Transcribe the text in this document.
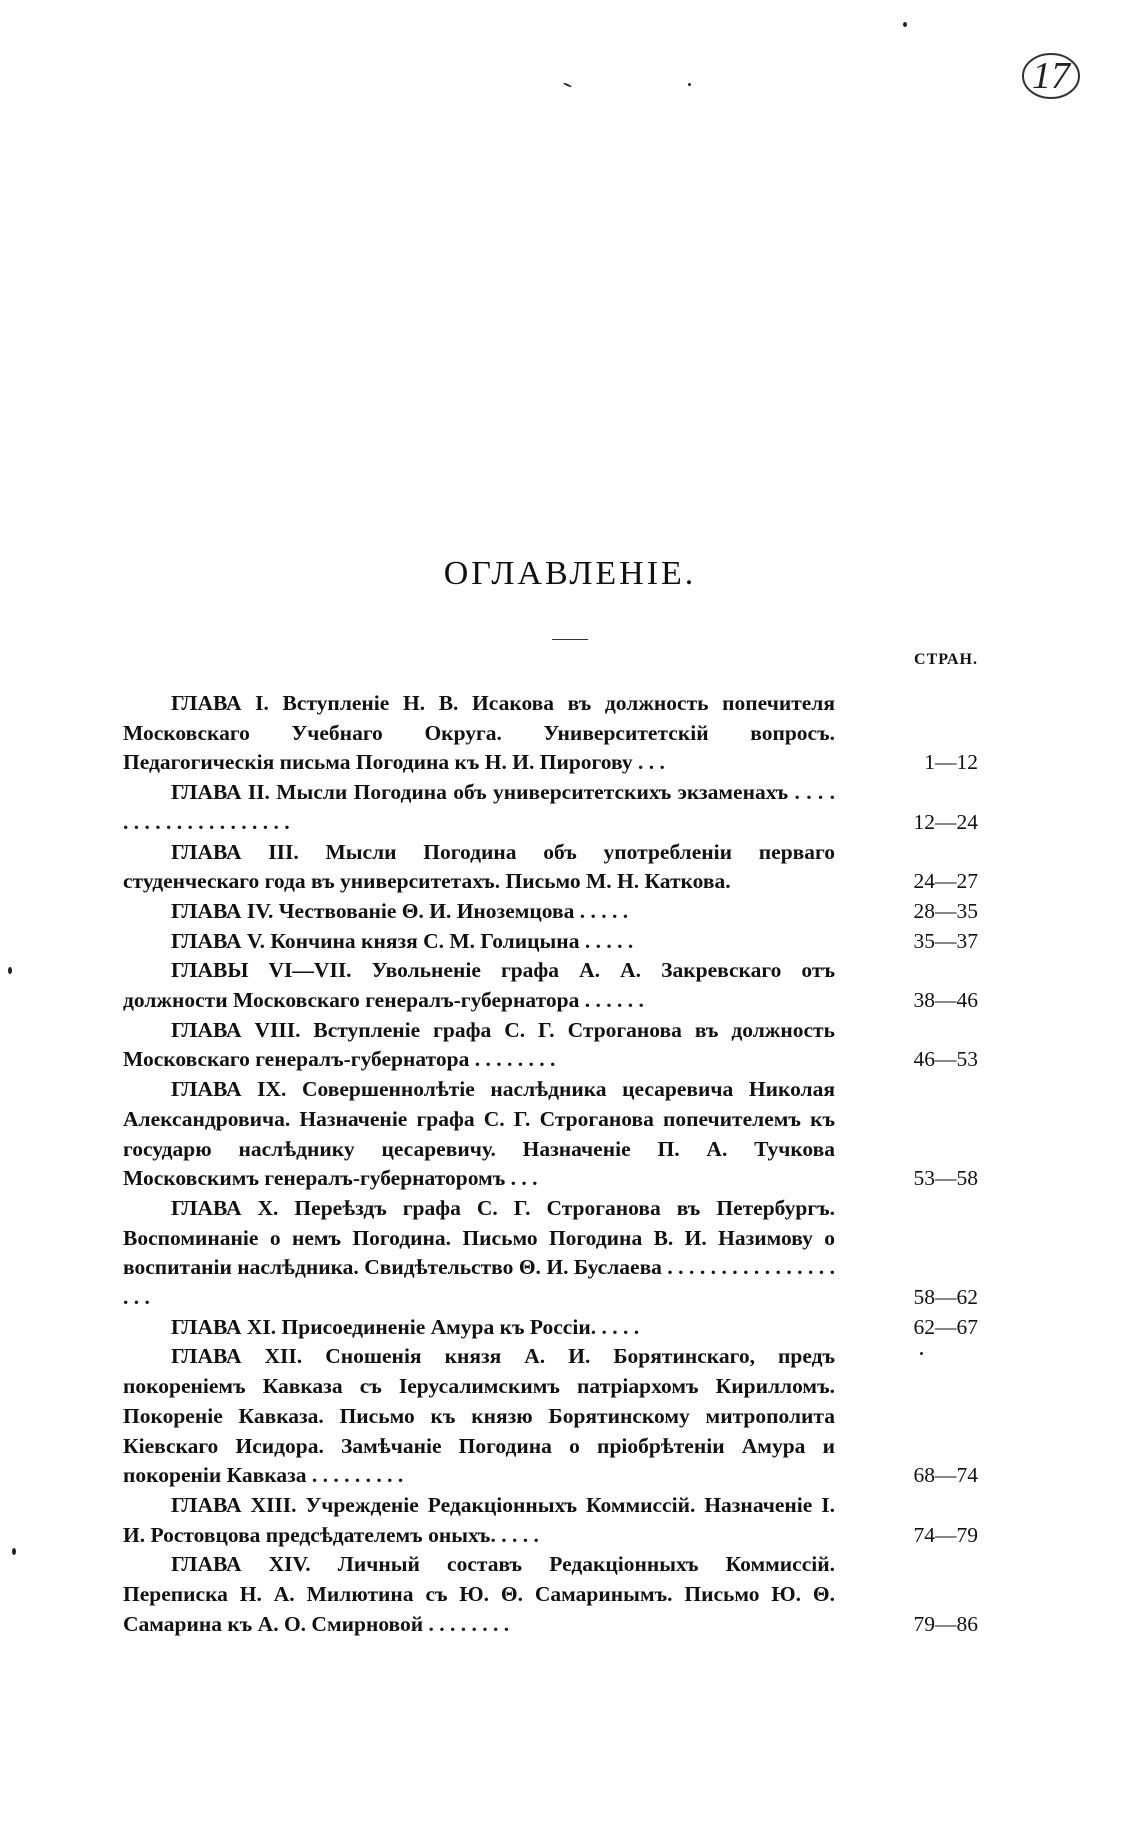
17
ОГЛАВЛЕНІЕ.
СТРАН.

ГЛАВА I. Вступленіе Н. В. Исакова въ должность попечителя Московскаго Учебнаго Округа. Университетскій вопросъ. Педагогическія письма Погодина къ Н. И. Пирогову . . .	1—12

ГЛАВА II. Мысли Погодина объ университетскихъ экзаменахъ . . . . . . . . . . . . . . . . . . . .	12—24

ГЛАВА III. Мысли Погодина объ употребленіи перваго студенческаго года въ университетахъ. Письмо М. Н. Каткова.	24—27

ГЛАВА IV. Чествованіе Θ. И. Иноземцова . . . . .	28—35

ГЛАВА V. Кончина князя С. М. Голицына . . . . .	35—37

ГЛАВЫ VI—VII. Увольненіе графа А. А. Закревскаго отъ должности Московскаго генералъ-губернатора . . . . . .	38—46

ГЛАВА VIII. Вступленіе графа С. Г. Строганова въ должность Московскаго генералъ-губернатора . . . . . . . .	46—53

ГЛАВА IX. Совершеннолѣтіе наслѣдника цесаревича Николая Александровича. Назначеніе графа С. Г. Строганова попечителемъ къ государю наслѣднику цесаревичу. Назначеніе П. А. Тучкова Московскимъ генералъ-губернаторомъ . . .	53—58

ГЛАВА X. Переѣздъ графа С. Г. Строганова въ Петербургъ. Воспоминаніе о немъ Погодина. Письмо Погодина В. И. Назимову о воспитаніи наслѣдника. Свидѣтельство Θ. И. Буслаева . . . . . . . . . . . . . . . . . . .	58—62

ГЛАВА XI. Присоединеніе Амура къ Россіи. . . . .	62—67

ГЛАВА XII. Сношенія князя А. И. Борятинскаго, предъ покореніемъ Кавказа съ Іерусалимскимъ патріархомъ Кирилломъ. Покореніе Кавказа. Письмо къ князю Борятинскому митрополита Кіевскаго Исидора. Замѣчаніе Погодина о пріобрѣтеніи Амура и покореніи Кавказа . . . . . . . . .	68—74

ГЛАВА XIII. Учрежденіе Редакціонныхъ Коммиссій. Назначеніе І. И. Ростовцова предсѣдателемъ оныхъ. . . . .	74—79

ГЛАВА XIV. Личный составъ Редакціонныхъ Коммиссій. Переписка Н. А. Милютина съ Ю. Θ. Самаринымъ. Письмо Ю. Θ. Самарина къ А. О. Смирновой . . . . . . . .	79—86
